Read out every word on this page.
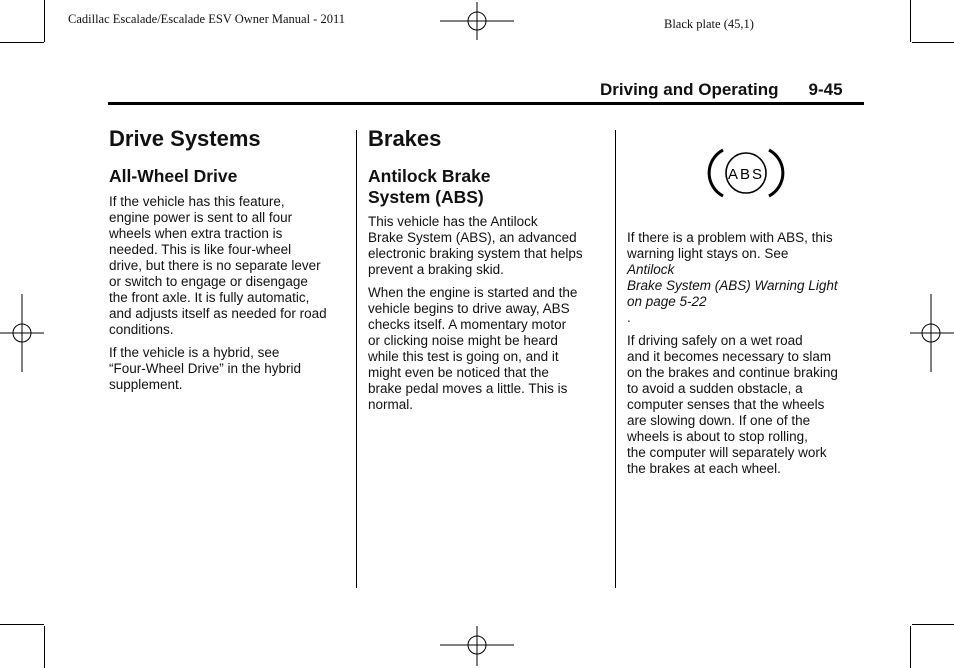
Cadillac Escalade/Escalade ESV Owner Manual - 2011	Black plate (45,1)
Driving and Operating 9-45
Drive Systems
All-Wheel Drive

If the vehicle has this feature,
engine power is sent to all four
wheels when extra traction is
needed. This is like four-wheel
drive, but there is no separate lever
or switch to engage or disengage
the front axle. It is fully automatic,
and adjusts itself as needed for road
conditions.

If the vehicle is a hybrid, see
“Four-Wheel Drive” in the hybrid
supplement.

Brakes
Antilock Brake
System (ABS)

This vehicle has the Antilock
Brake System (ABS), an advanced
electronic braking system that helps
prevent a braking skid.

When the engine is started and the
vehicle begins to drive away, ABS
checks itself. A momentary motor
or clicking noise might be heard
while this test is going on, and it
might even be noticed that the
brake pedal moves a little. This is
normal.

ABS

If there is a problem with ABS, this
warning light stays on. See
Antilock
Brake System (ABS) Warning Light
on page 5-22
.

If driving safely on a wet road
and it becomes necessary to slam
on the brakes and continue braking
to avoid a sudden obstacle, a
computer senses that the wheels
are slowing down. If one of the
wheels is about to stop rolling,
the computer will separately work
the brakes at each wheel.
